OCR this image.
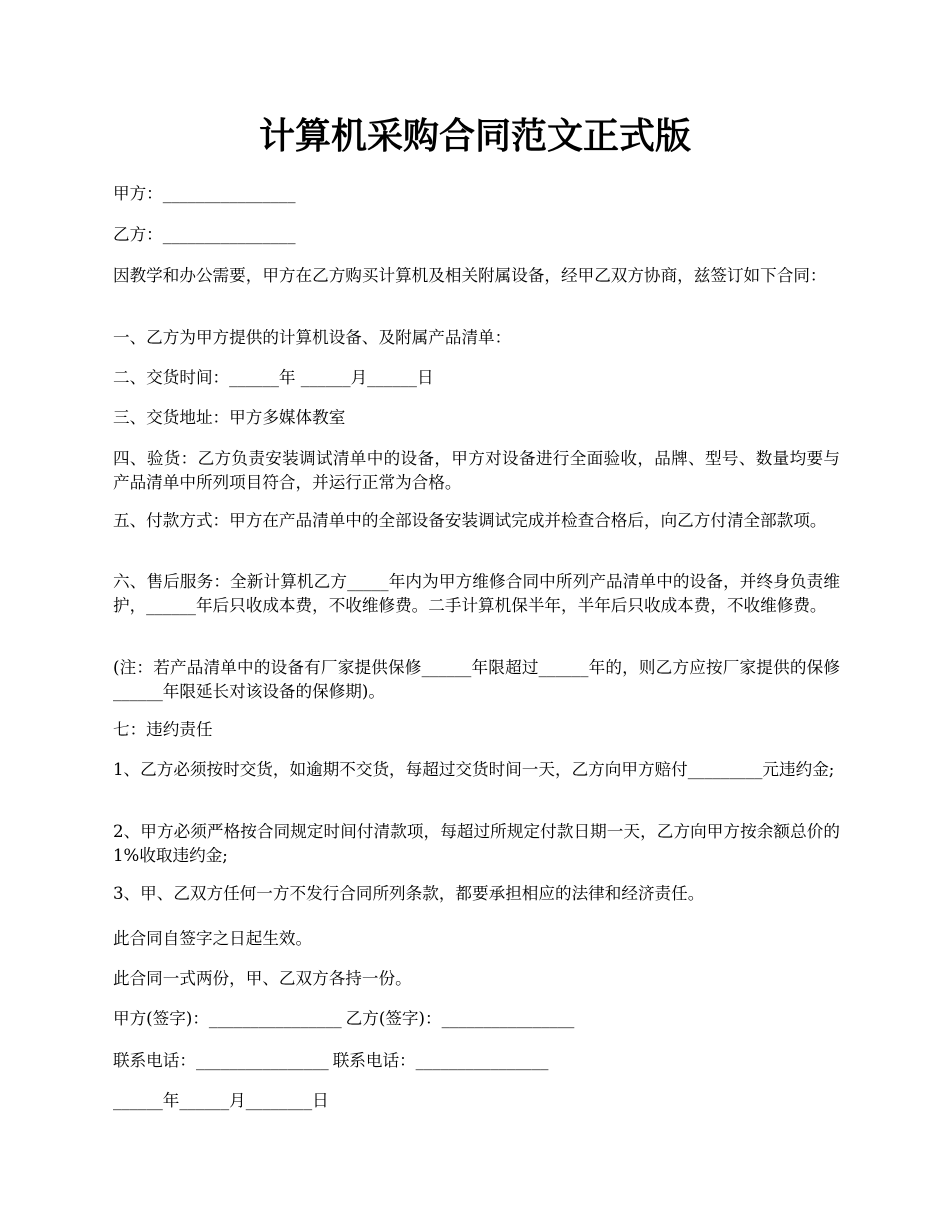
计算机采购合同范文正式版

甲方：________________

乙方：________________

因教学和办公需要，甲方在乙方购买计算机及相关附属设备，经甲乙双方协商，兹签订如下合同：

一、乙方为甲方提供的计算机设备、及附属产品清单：

二、交货时间：______年 ______月______日

三、交货地址：甲方多媒体教室

四、验货：乙方负责安装调试清单中的设备，甲方对设备进行全面验收，品牌、型号、数量均要与产品清单中所列项目符合，并运行正常为合格。

五、付款方式：甲方在产品清单中的全部设备安装调试完成并检查合格后，向乙方付清全部款项。

六、售后服务：全新计算机乙方_____年内为甲方维修合同中所列产品清单中的设备，并终身负责维护，______年后只收成本费，不收维修费。二手计算机保半年，半年后只收成本费，不收维修费。

(注：若产品清单中的设备有厂家提供保修______年限超过______年的，则乙方应按厂家提供的保修______年限延长对该设备的保修期)。

七：违约责任

1、乙方必须按时交货，如逾期不交货，每超过交货时间一天，乙方向甲方赔付_________元违约金;

2、甲方必须严格按合同规定时间付清款项，每超过所规定付款日期一天，乙方向甲方按余额总价的 1%收取违约金;

3、甲、乙双方任何一方不发行合同所列条款，都要承担相应的法律和经济责任。

此合同自签字之日起生效。

此合同一式两份，甲、乙双方各持一份。

甲方(签字)：________________ 乙方(签字)：________________

联系电话：________________ 联系电话：________________

______年______月________日
